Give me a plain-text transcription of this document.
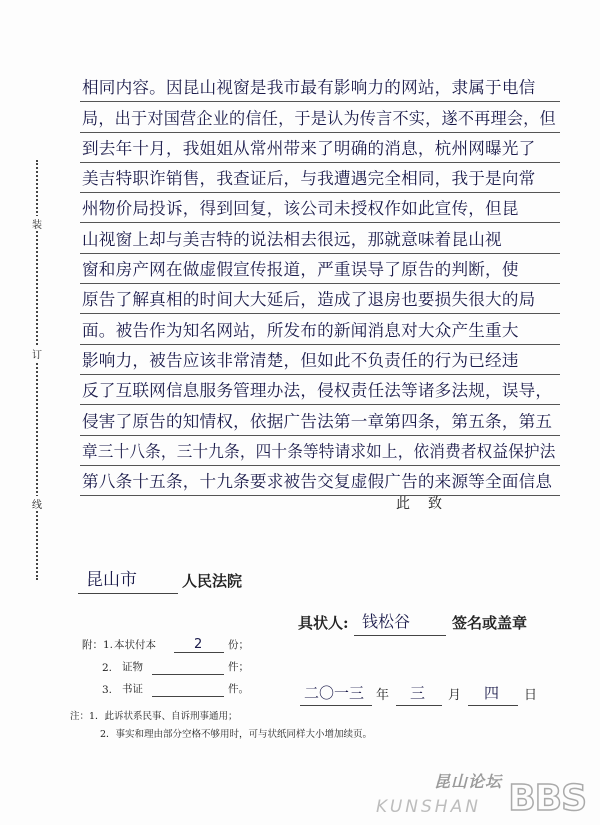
装
订
线
相同内容。因昆山视窗是我市最有影响力的网站，隶属于电信
局，出于对国营企业的信任，于是认为传言不实，遂不再理会，但
到去年十月，我姐姐从常州带来了明确的消息，杭州网曝光了
美吉特职诈销售，我查证后，与我遭遇完全相同，我于是向常
州物价局投诉，得到回复，该公司未授权作如此宣传，但昆
山视窗上却与美吉特的说法相去很远，那就意味着昆山视
窗和房产网在做虚假宣传报道，严重误导了原告的判断，使
原告了解真相的时间大大延后，造成了退房也要损失很大的局
面。被告作为知名网站，所发布的新闻消息对大众产生重大
影响力，被告应该非常清楚，但如此不负责任的行为已经违
反了互联网信息服务管理办法，侵权责任法等诸多法规，误导，
侵害了原告的知情权，依据广告法第一章第四条，第五条，第五
章三十八条，三十九条，四十条等特请求如上，依消费者权益保护法
第八条十五条，十九条要求被告交复虚假广告的来源等全面信息
此致
昆山市	人民法院
具状人: 钱松谷	签名或盖章
附：1. 本状付本	2 份；
2. 证物	件；
3. 书证	件。	二〇一三 年 三 月 四 日
注：1．此诉状系民事、自诉刑事通用；
2．事实和理由部分空格不够用时，可与状纸同样大小增加续页。
昆山论坛
KUNSHAN BBS
